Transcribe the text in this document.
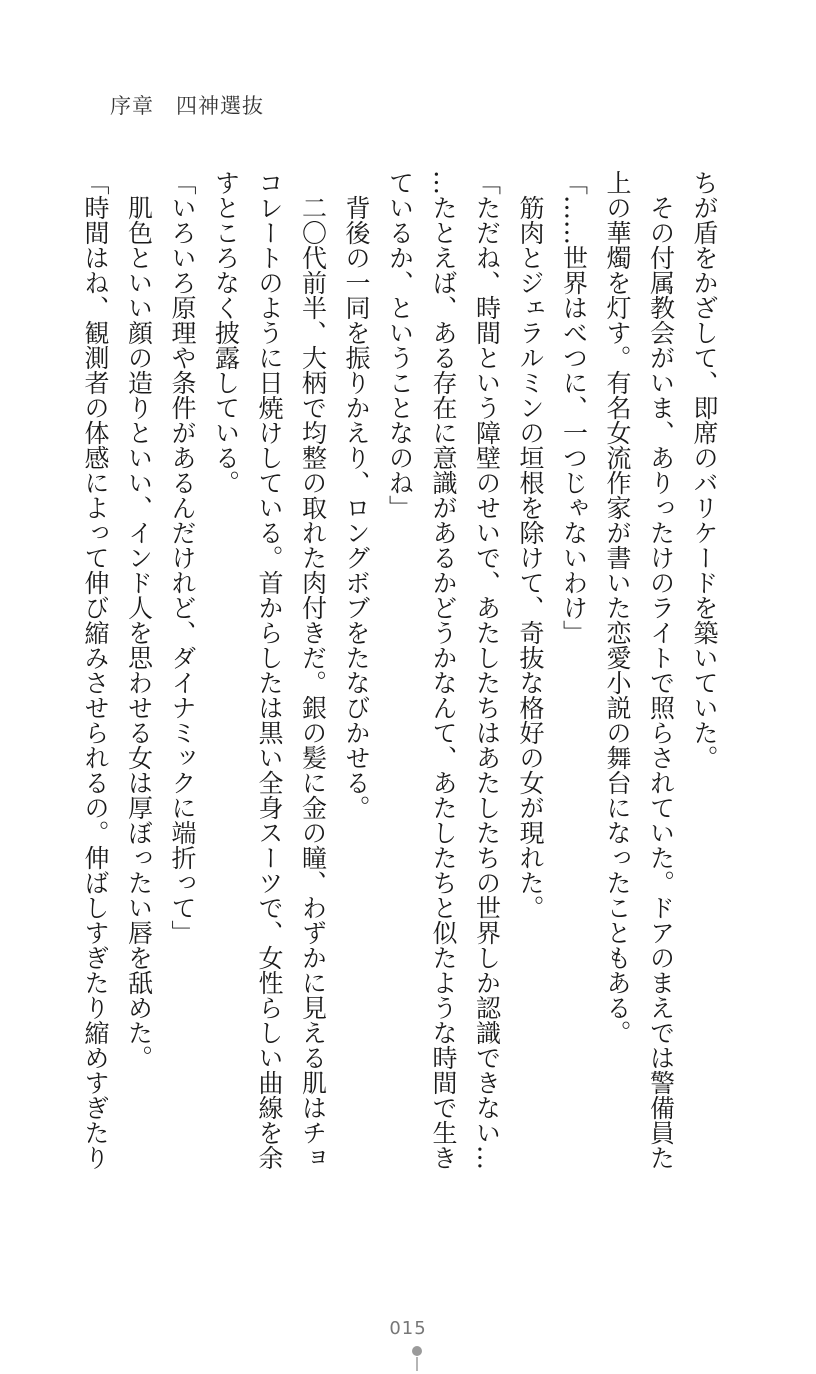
序章　四神選抜

ちが盾をかざして、即席のバリケードを築いていた。

　その付属教会がいま、ありったけのライトで照らされていた。ドアのまえでは警備員た

上の華燭を灯す。有名女流作家が書いた恋愛小説の舞台になったこともある。

「……世界はべつに、一つじゃないわけ」

　筋肉とジェラルミンの垣根を除けて、奇抜な格好の女が現れた。

「ただね、時間という障壁のせいで、あたしたちはあたしたちの世界しか認識できない…

…たとえば、ある存在に意識があるかどうかなんて、あたしたちと似たような時間で生き

ているか、ということなのね」

　背後の一同を振りかえり、ロングボブをたなびかせる。

　二〇代前半、大柄で均整の取れた肉付きだ。銀の髪に金の瞳、わずかに見える肌はチョ

コレートのように日焼けしている。首からしたは黒い全身スーツで、女性らしい曲線を余

すところなく披露している。

「いろいろ原理や条件があるんだけれど、ダイナミックに端折って」

　肌色といい顔の造りといい、インド人を思わせる女は厚ぼったい唇を舐めた。

「時間はね、観測者の体感によって伸び縮みさせられるの。伸ばしすぎたり縮めすぎたり

015
